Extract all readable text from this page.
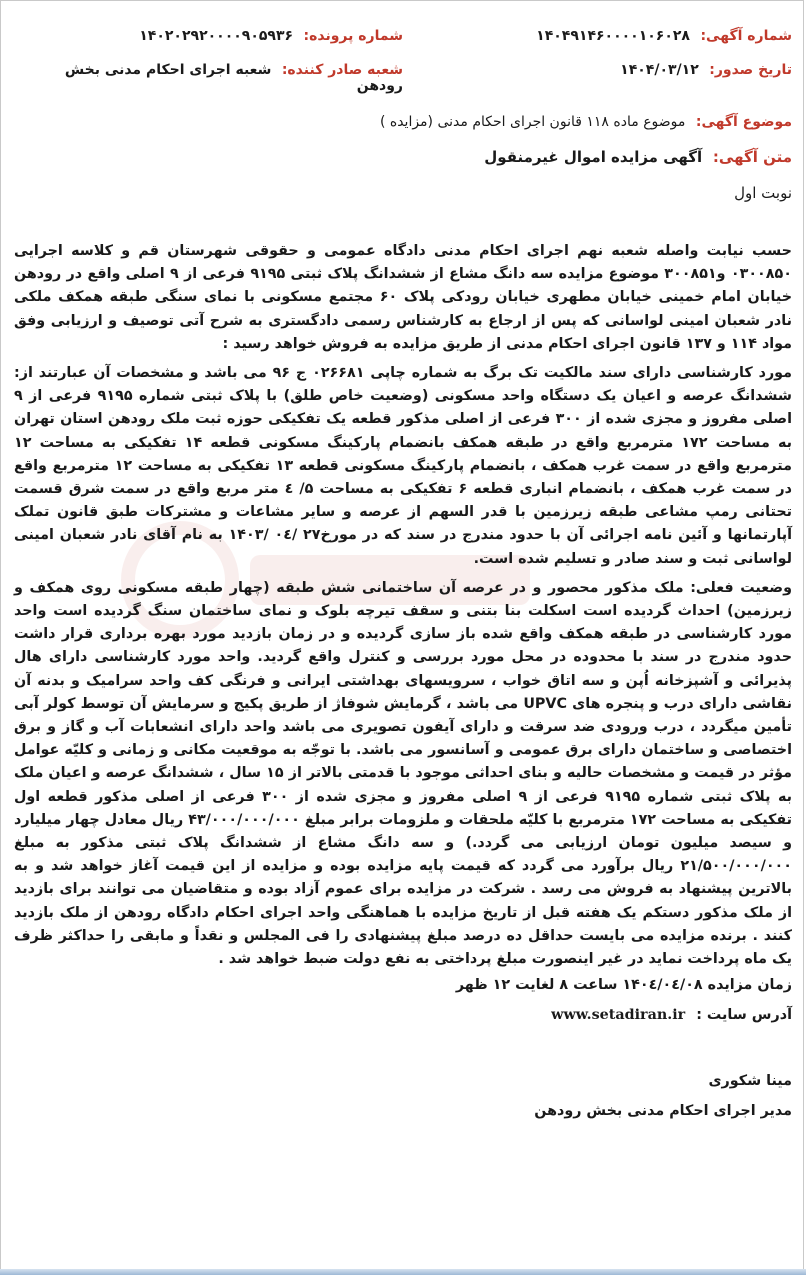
شماره آگهی: ۱۴۰۴۹۱۴۶۰۰۰۰۱۰۶۰۲۸
شماره پرونده: ۱۴۰۲۰۲۹۲۰۰۰۰۹۰۵۹۳۶
تاریخ صدور: ۱۴۰۴/۰۳/۱۲
شعبه صادر کننده: شعبه اجرای احکام مدنی بخش رودهن
موضوع آگهی: موضوع ماده ۱۱۸ قانون اجرای احکام مدنی (مزایده )
متن آگهی: آگهی مزایده اموال غیرمنقول
نوبت اول

حسب نیابت واصله شعبه نهم اجرای احکام مدنی دادگاه عمومی و حقوقی شهرستان قم و کلاسه اجرایی ۰۳۰۰۸۵۰ و۳۰۰۸۵۱ موضوع مزایده سه دانگ مشاع از ششدانگ پلاک ثبتی ۹۱۹۵ فرعی از ۹ اصلی واقع در رودهن خیابان امام خمینی خیابان مطهری خیابان رودکی پلاک ۶۰ مجتمع مسکونی با نمای سنگی طبقه همکف ملکی نادر شعبان امینی لواسانی که پس از ارجاع به کارشناس رسمی دادگستری به شرح آتی توصیف و ارزیابی وفق مواد ۱۱۴ و ۱۳۷ قانون اجرای احکام مدنی از طریق مزایده به فروش خواهد رسید :

مورد کارشناسی دارای سند مالکیت تک برگ به شماره چاپی ۰۲۶۶۸۱ ج ۹۶ می باشد و مشخصات آن عبارتند از: ششدانگ عرصه و اعیان یک دستگاه واحد مسکونی (وضعیت خاص طلق) با پلاک ثبتی شماره ۹۱۹۵ فرعی از ۹ اصلی مفروز و مجزی شده از ۳۰۰ فرعی از اصلی مذکور قطعه یک تفکیکی حوزه ثبت ملک رودهن استان تهران به مساحت ۱۷۲ مترمربع واقع در طبقه همکف بانضمام پارکینگ مسکونی قطعه ۱۴ تفکیکی به مساحت ۱۲ مترمربع واقع در سمت غرب همکف ، بانضمام پارکینگ مسکونی قطعه ۱۳ تفکیکی به مساحت ۱۲ مترمربع واقع در سمت غرب همکف ، بانضمام انباری قطعه ۶ تفکیکی به مساحت ۵/ ٤ متر مربع واقع در سمت شرق قسمت تحتانی رمپ مشاعی طبقه زیرزمین با قدر السهم از عرصه و سایر مشاعات و مشترکات طبق قانون تملک آپارتمانها و آئین نامه اجرائی آن با حدود مندرج در سند که در مورخ۲۷ /۰٤ /۱۴۰۳ به نام آقای نادر شعبان امینی لواسانی ثبت و سند صادر و تسلیم شده است.

وضعیت فعلی: ملک مذکور محصور و در عرصه آن ساختمانی شش طبقه (چهار طبقه مسکونی روی همکف و زیرزمین) احداث گردیده است اسکلت بنا بتنی و سقف تیرچه بلوک و نمای ساختمان سنگ گردیده است واحد مورد کارشناسی در طبقه همکف واقع شده باز سازی گردیده و در زمان بازدید مورد بهره برداری قرار داشت حدود مندرج در سند با محدوده در محل مورد بررسی و کنترل واقع گردید. واحد مورد کارشناسی دارای هال پذیرائی و آشپزخانه اُپن و سه اتاق خواب ، سرویسهای بهداشتی ایرانی و فرنگی کف واحد سرامیک و بدنه آن نقاشی دارای درب و پنجره های UPVC می باشد ، گرمایش شوفاژ از طریق پکیج و سرمایش آن توسط کولر آبی تأمین میگردد ، درب ورودی ضد سرقت و دارای آیفون تصویری می باشد واحد دارای انشعابات آب و گاز و برق اختصاصی و ساختمان دارای برق عمومی و آسانسور می باشد. با توجّه به موقعیت مکانی و زمانی و کلیّه عوامل مؤثر در قیمت و مشخصات حالیه و بنای احداثی موجود با قدمتی بالاتر از ۱۵ سال ، ششدانگ عرصه و اعیان ملک به پلاک ثبتی شماره ۹۱۹۵ فرعی از ۹ اصلی مفروز و مجزی شده از ۳۰۰ فرعی از اصلی مذکور قطعه اول تفکیکی به مساحت ۱۷۲ مترمربع با کلیّه ملحقات و ملزومات برابر مبلغ ۴۳/۰۰۰/۰۰۰/۰۰۰ ریال معادل چهار میلیارد و سیصد میلیون تومان ارزیابی می گردد.) و سه دانگ مشاع از ششدانگ پلاک ثبتی مذکور به مبلغ ۲۱/۵۰۰/۰۰۰/۰۰۰ ریال برآورد می گردد که قیمت پایه مزایده بوده و مزایده از این قیمت آغاز خواهد شد و به بالاترین پیشنهاد به فروش می رسد . شرکت در مزایده برای عموم آزاد بوده و متقاضیان می توانند برای بازدید از ملک مذکور دستکم یک هفته قبل از تاریخ مزایده با هماهنگی واحد اجرای احکام دادگاه رودهن از ملک بازدید کنند . برنده مزایده می بایست حداقل ده درصد مبلغ پیشنهادی را فی المجلس و نقداً و مابقی را حداکثر ظرف یک ماه پرداخت نماید در غیر اینصورت مبلغ پرداختی به نفع دولت ضبط خواهد شد .

زمان مزایده ۱۴۰٤/۰٤/۰۸ ساعت ۸ لغایت ۱۲ ظهر
آدرس سایت : www.setadiran.ir
مینا شکوری
مدیر اجرای احکام مدنی بخش رودهن
